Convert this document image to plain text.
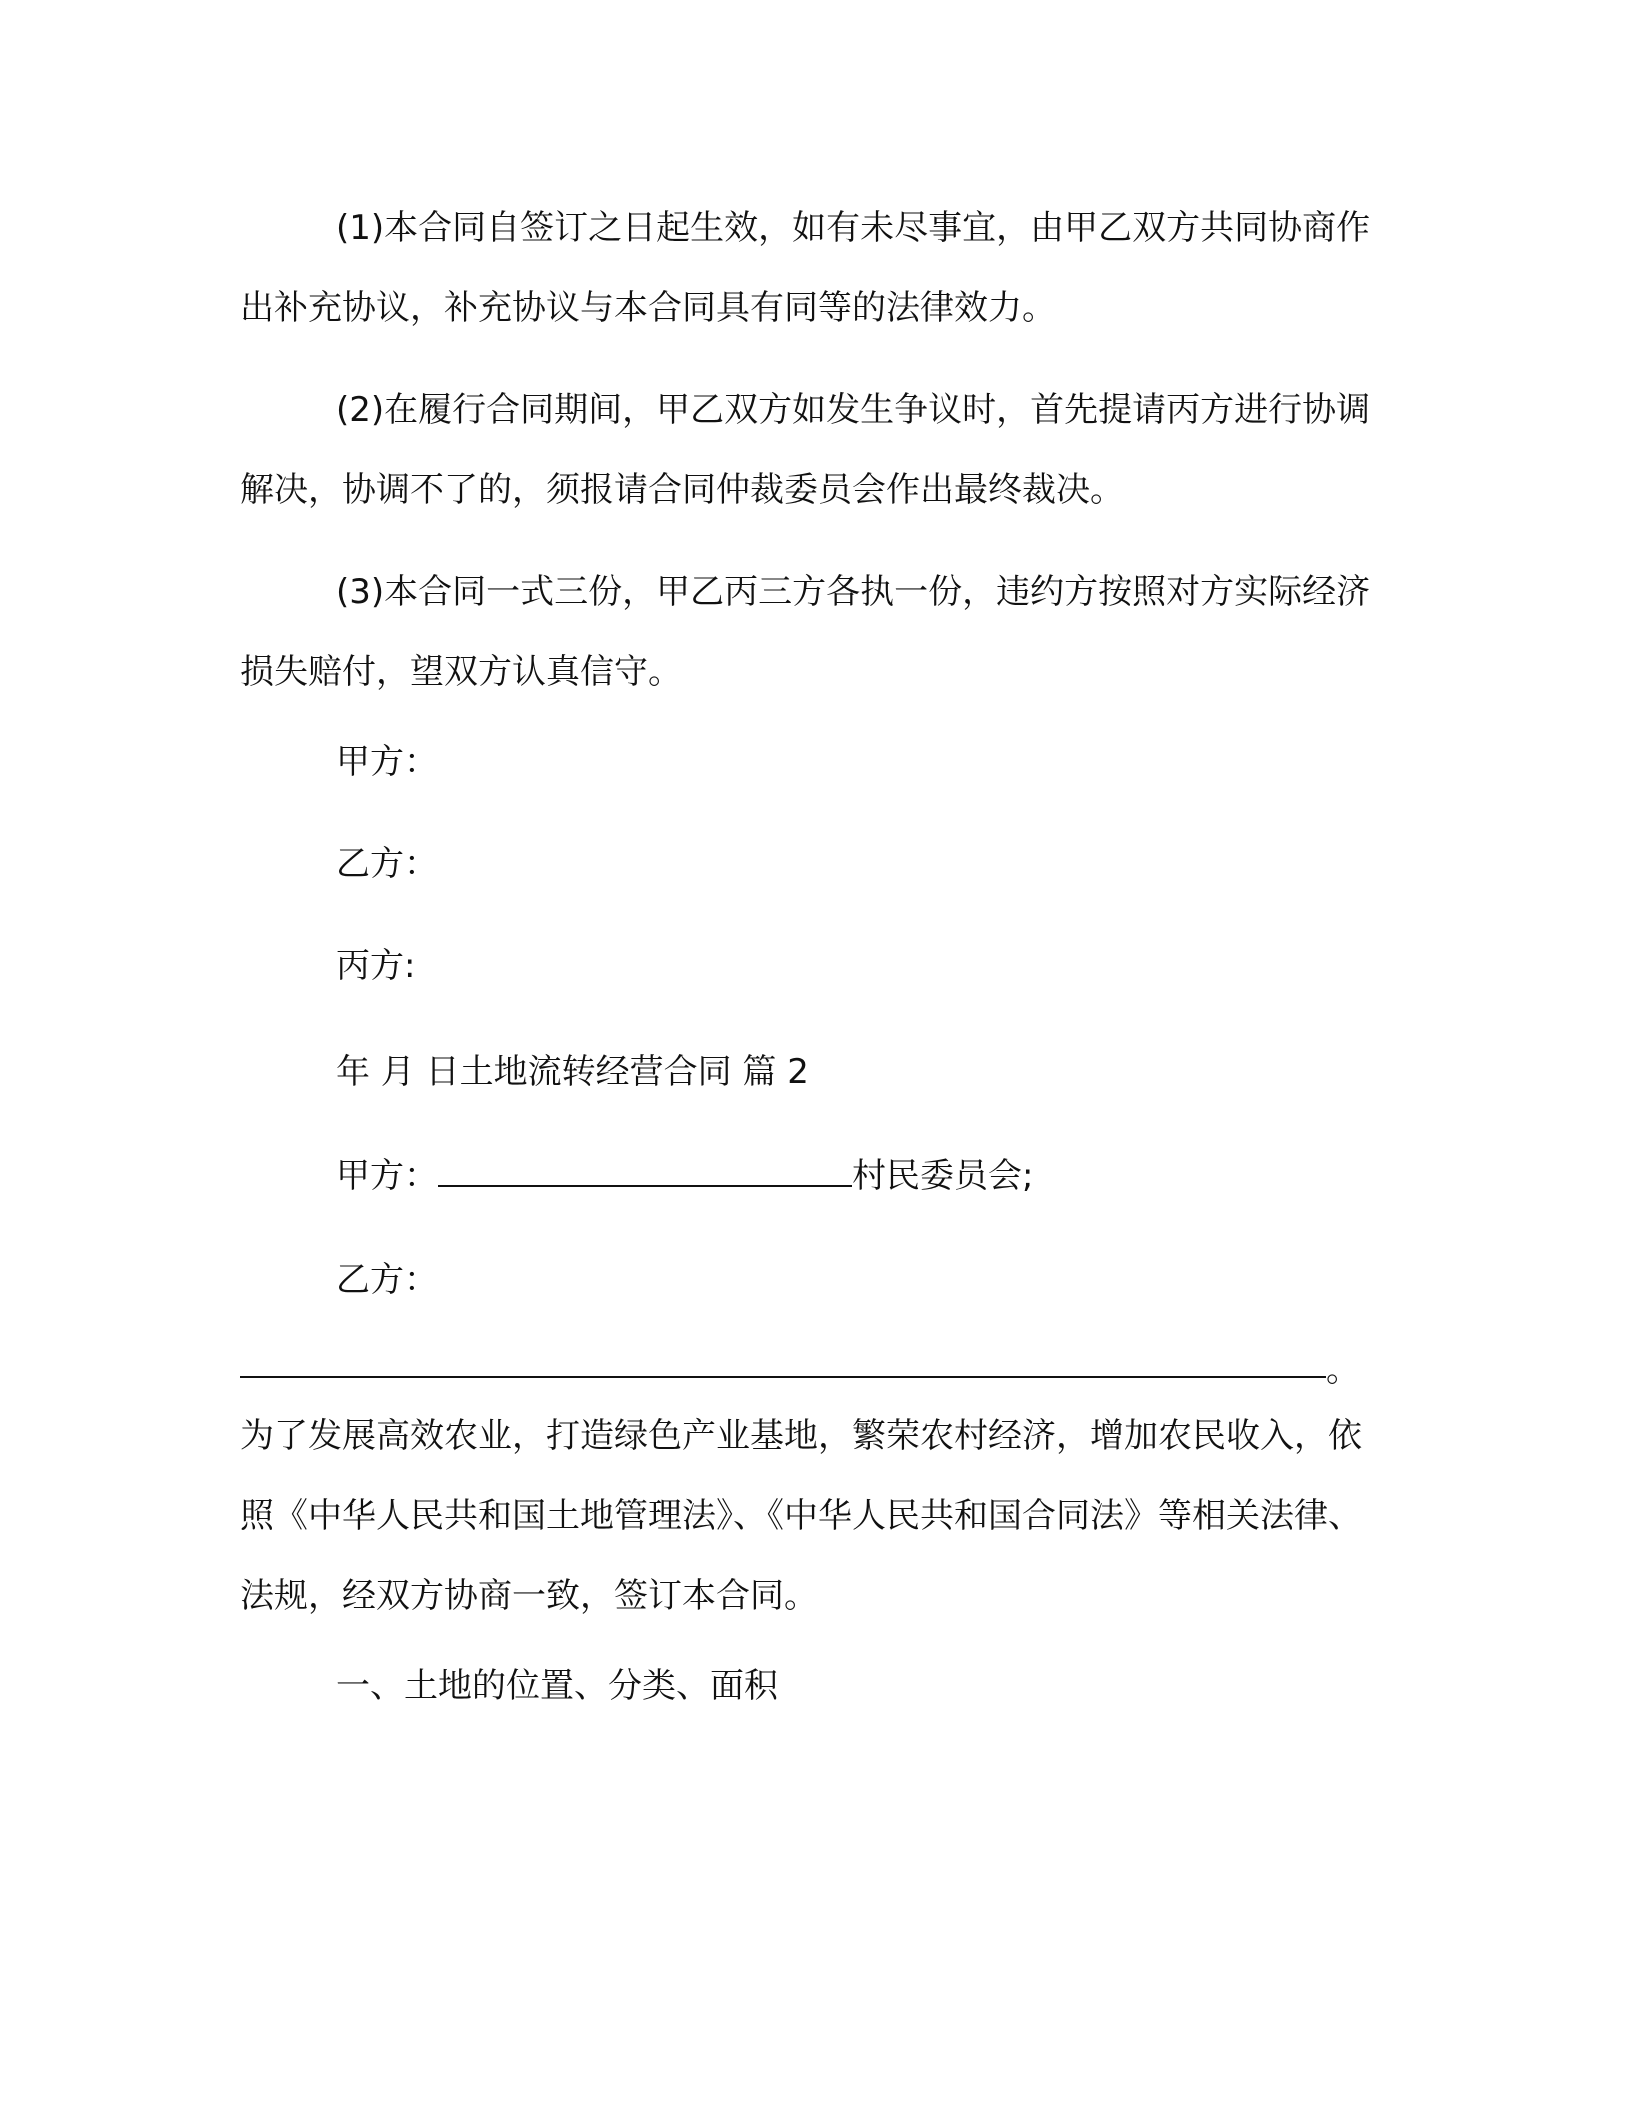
(1)本合同自签订之日起生效，如有未尽事宜，由甲乙双方共同协商作出补充协议，补充协议与本合同具有同等的法律效力。

(2)在履行合同期间，甲乙双方如发生争议时，首先提请丙方进行协调解决，协调不了的，须报请合同仲裁委员会作出最终裁决。

(3)本合同一式三份，甲乙丙三方各执一份，违约方按照对方实际经济损失赔付，望双方认真信守。

甲方：

乙方：

丙方:

年 月 日土地流转经营合同 篇 2

甲方：	村民委员会;

乙方：

。

为了发展高效农业，打造绿色产业基地，繁荣农村经济，增加农民收入，依照《中华人民共和国土地管理法》、《中华人民共和国合同法》等相关法律、法规，经双方协商一致，签订本合同。

一、土地的位置、分类、面积
